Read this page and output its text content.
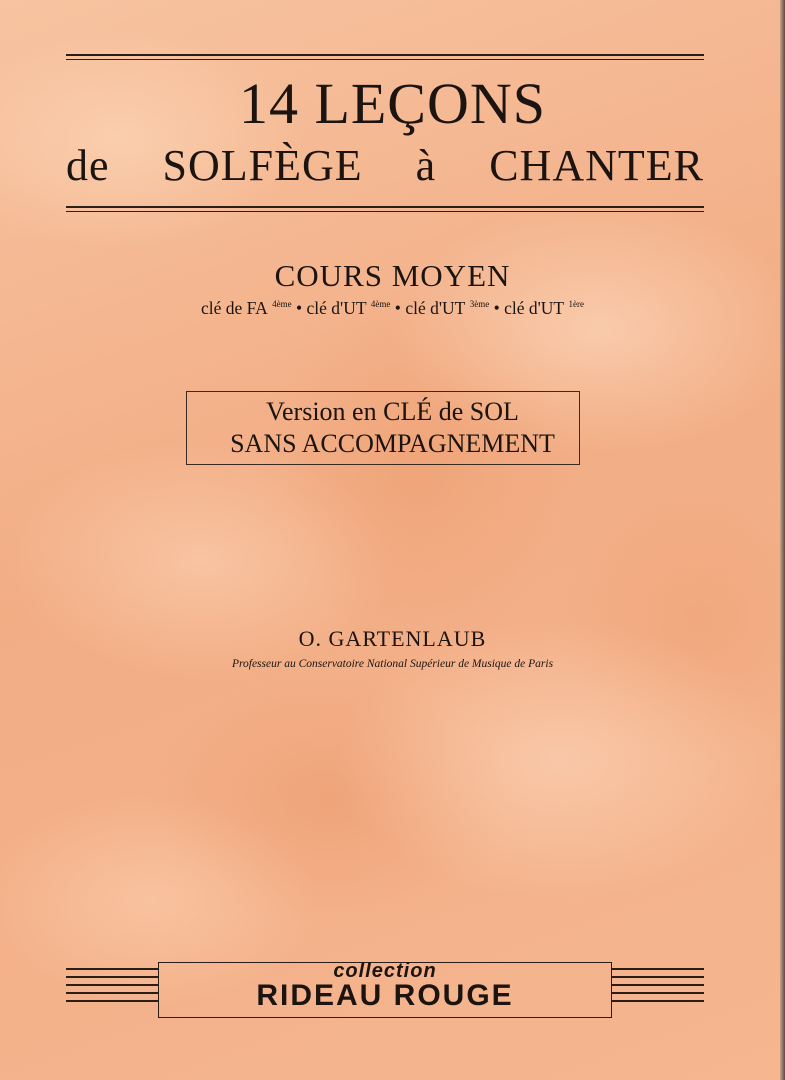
14 LEÇONS
de SOLFÈGE à CHANTER
COURS MOYEN
clé de FA $^{4ème}$ • clé d'UT $^{4ème}$ • clé d'UT $^{3ème}$ • clé d'UT $^{1ère}$
Version en CLÉ de SOL
SANS ACCOMPAGNEMENT
O. GARTENLAUB
Professeur au Conservatoire National Supérieur de Musique de Paris
collection
RIDEAU ROUGE
